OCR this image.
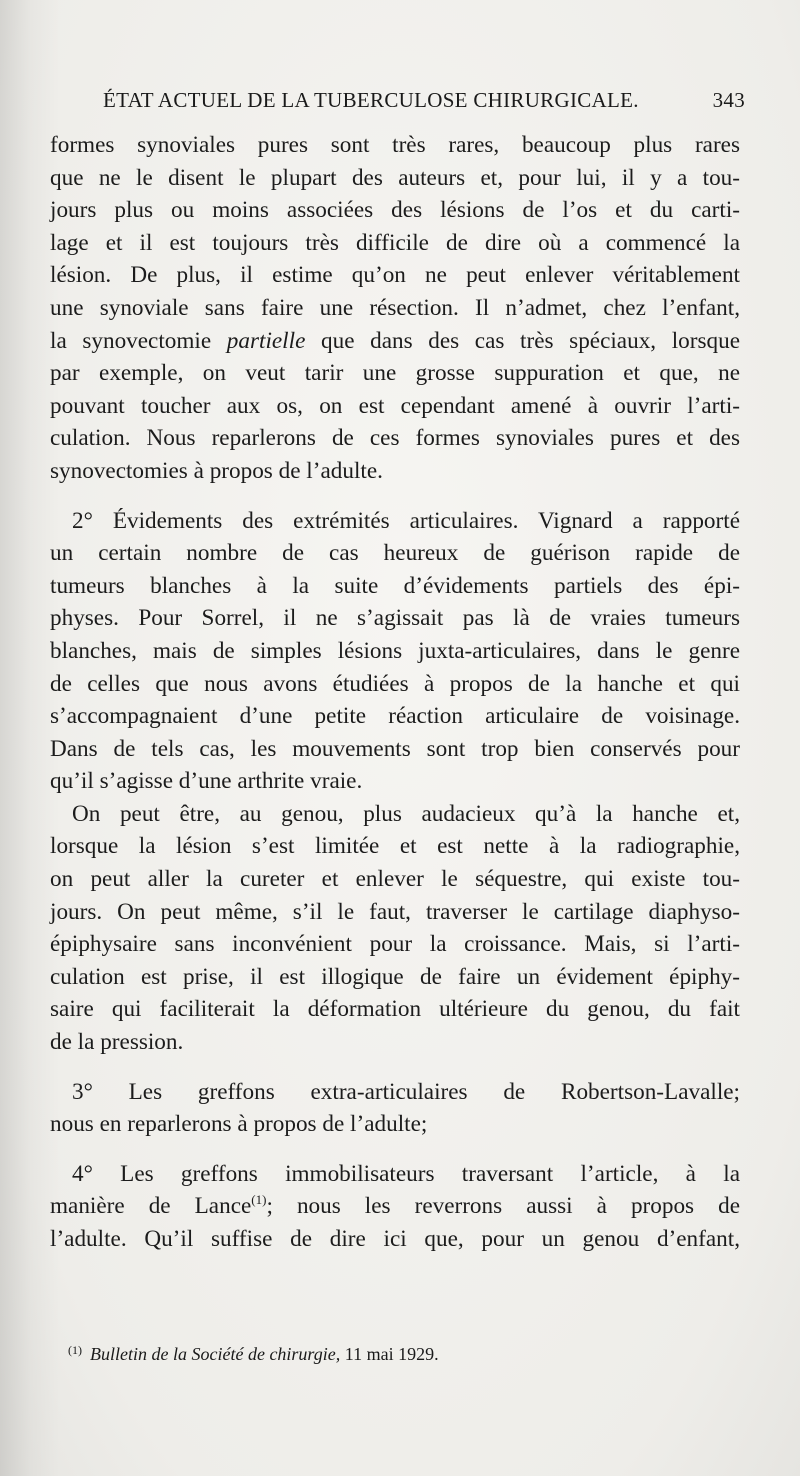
ÉTAT ACTUEL DE LA TUBERCULOSE CHIRURGICALE.	343
formes synoviales pures sont très rares, beaucoup plus rares
que ne le disent le plupart des auteurs et, pour lui, il y a tou-
jours plus ou moins associées des lésions de l’os et du carti-
lage et il est toujours très difficile de dire où a commencé la
lésion. De plus, il estime qu’on ne peut enlever véritablement
une synoviale sans faire une résection. Il n’admet, chez l’enfant,
la synovectomie partielle que dans des cas très spéciaux, lorsque
par exemple, on veut tarir une grosse suppuration et que, ne
pouvant toucher aux os, on est cependant amené à ouvrir l’arti-
culation. Nous reparlerons de ces formes synoviales pures et des
synovectomies à propos de l’adulte.
2° Évidements des extrémités articulaires. Vignard a rapporté
un certain nombre de cas heureux de guérison rapide de
tumeurs blanches à la suite d’évidements partiels des épi-
physes. Pour Sorrel, il ne s’agissait pas là de vraies tumeurs
blanches, mais de simples lésions juxta-articulaires, dans le genre
de celles que nous avons étudiées à propos de la hanche et qui
s’accompagnaient d’une petite réaction articulaire de voisinage.
Dans de tels cas, les mouvements sont trop bien conservés pour
qu’il s’agisse d’une arthrite vraie.
On peut être, au genou, plus audacieux qu’à la hanche et,
lorsque la lésion s’est limitée et est nette à la radiographie,
on peut aller la cureter et enlever le séquestre, qui existe tou-
jours. On peut même, s’il le faut, traverser le cartilage diaphyso-
épiphysaire sans inconvénient pour la croissance. Mais, si l’arti-
culation est prise, il est illogique de faire un évidement épiphy-
saire qui faciliterait la déformation ultérieure du genou, du fait
de la pression.
3° Les greffons extra-articulaires de Robertson-Lavalle;
nous en reparlerons à propos de l’adulte;
4° Les greffons immobilisateurs traversant l’article, à la
manière de Lance$^{(1)}$; nous les reverrons aussi à propos de
l’adulte. Qu’il suffise de dire ici que, pour un genou d’enfant,
$^{(1)}$ Bulletin de la Société de chirurgie, 11 mai 1929.
